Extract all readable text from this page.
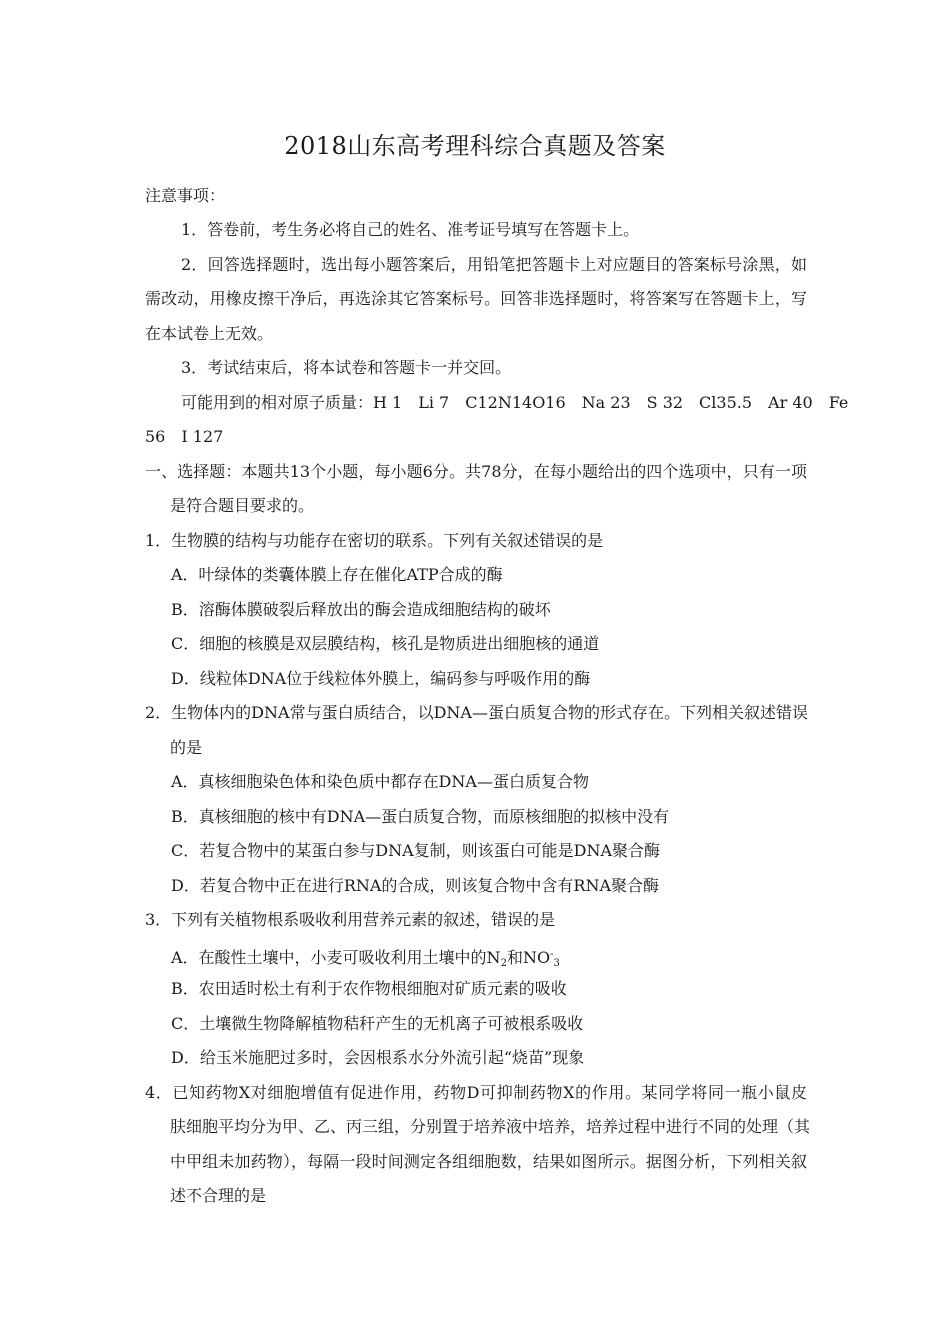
2018山东高考理科综合真题及答案
注意事项：
1．答卷前，考生务必将自己的姓名、准考证号填写在答题卡上。
2．回答选择题时，选出每小题答案后，用铅笔把答题卡上对应题目的答案标号涂黑，如
需改动，用橡皮擦干净后，再选涂其它答案标号。回答非选择题时，将答案写在答题卡上，写
在本试卷上无效。
3．考试结束后，将本试卷和答题卡一并交回。
可能用到的相对原子质量：H 1　Li 7　C12N14O16　Na 23　S 32　Cl35.5　Ar 40　Fe
56　I 127
一、选择题：本题共13个小题，每小题6分。共78分，在每小题给出的四个选项中，只有一项
是符合题目要求的。
1．生物膜的结构与功能存在密切的联系。下列有关叙述错误的是
A．叶绿体的类囊体膜上存在催化ATP合成的酶
B．溶酶体膜破裂后释放出的酶会造成细胞结构的破坏
C．细胞的核膜是双层膜结构，核孔是物质进出细胞核的通道
D．线粒体DNA位于线粒体外膜上，编码参与呼吸作用的酶
2．生物体内的DNA常与蛋白质结合，以DNA—蛋白质复合物的形式存在。下列相关叙述错误
的是
A．真核细胞染色体和染色质中都存在DNA—蛋白质复合物
B．真核细胞的核中有DNA—蛋白质复合物，而原核细胞的拟核中没有
C．若复合物中的某蛋白参与DNA复制，则该蛋白可能是DNA聚合酶
D．若复合物中正在进行RNA的合成，则该复合物中含有RNA聚合酶
3．下列有关植物根系吸收利用营养元素的叙述，错误的是
A．在酸性土壤中，小麦可吸收利用土壤中的$N_2$和$NO^-_3$
B．农田适时松土有利于农作物根细胞对矿质元素的吸收
C．土壤微生物降解植物秸秆产生的无机离子可被根系吸收
D．给玉米施肥过多时，会因根系水分外流引起“烧苗”现象
4．已知药物X对细胞增值有促进作用，药物D可抑制药物X的作用。某同学将同一瓶小鼠皮
肤细胞平均分为甲、乙、丙三组，分别置于培养液中培养，培养过程中进行不同的处理（其
中甲组未加药物），每隔一段时间测定各组细胞数，结果如图所示。据图分析，下列相关叙
述不合理的是
